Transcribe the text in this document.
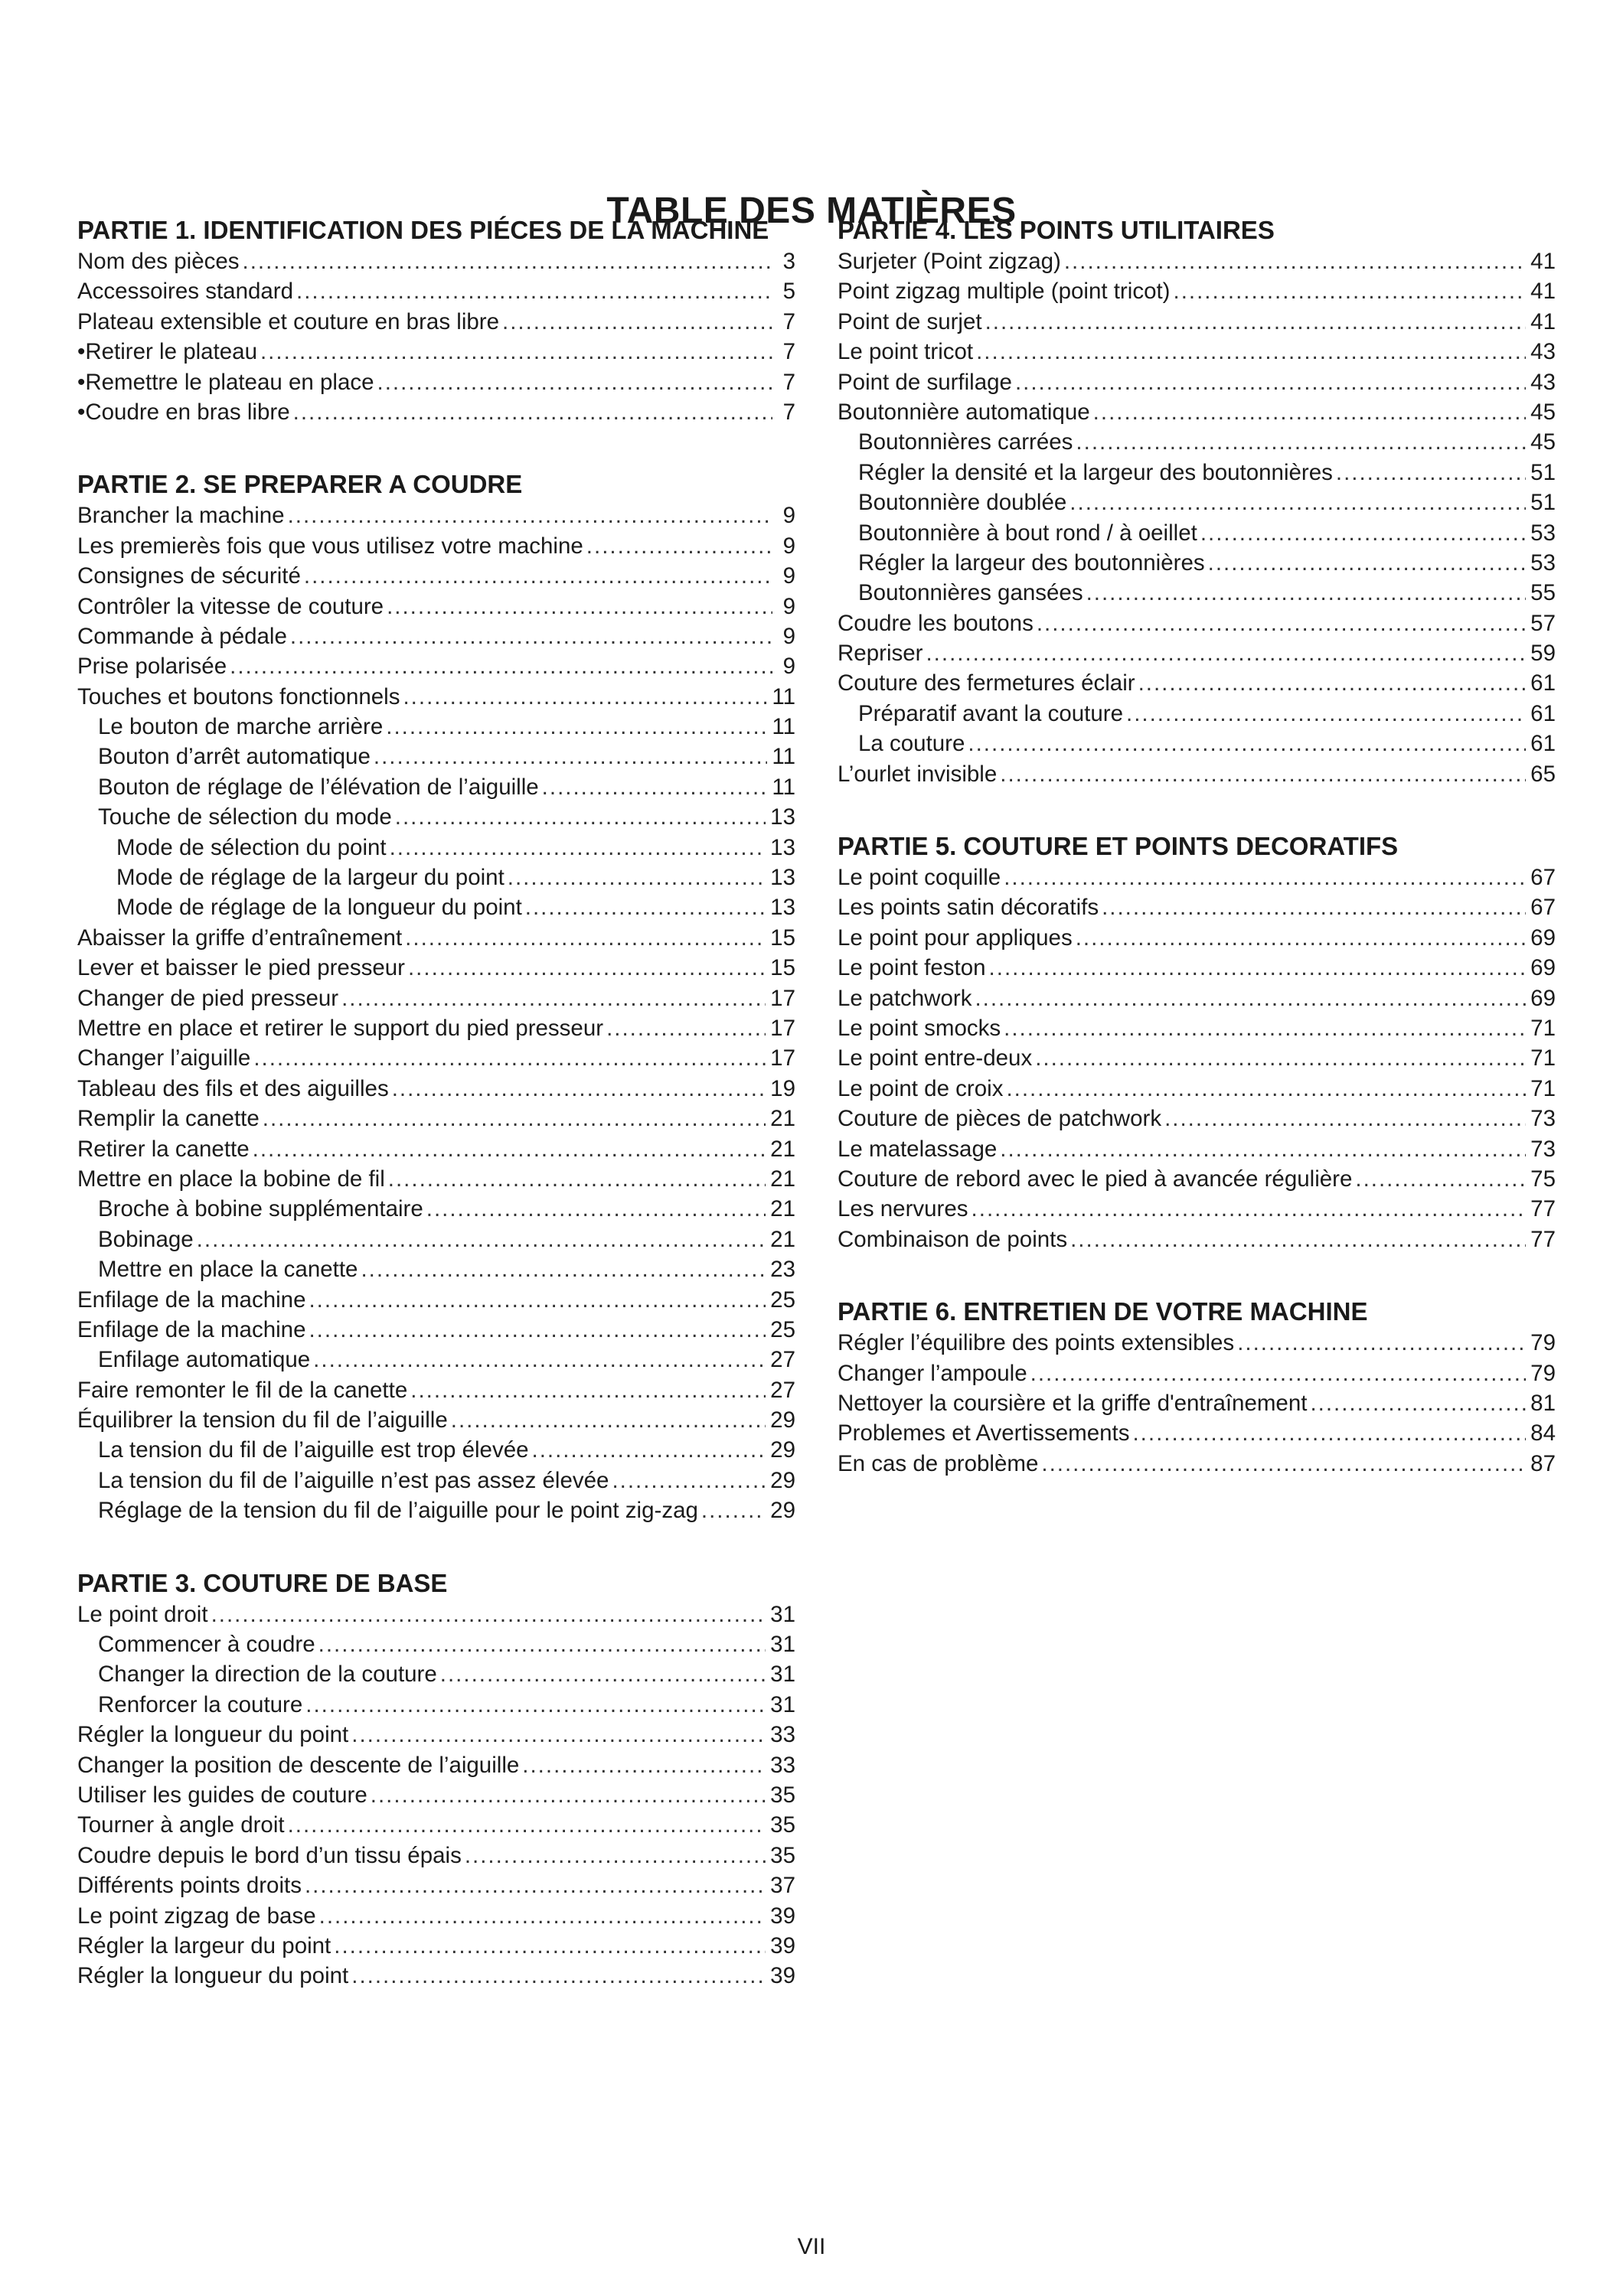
TABLE DES MATIÈRES
PARTIE 1. IDENTIFICATION DES PIÉCES DE LA MACHINE
Nom des pièces .....	3
Accessoires standard .....	5
Plateau extensible et couture en bras libre .....	7
• Retirer le plateau .....	7
• Remettre le plateau en place .....	7
• Coudre en bras libre .....	7
PARTIE 2. SE PREPARER A COUDRE
Brancher la machine .....	9
Les premierès fois que vous utilisez votre machine .....	9
Consignes de sécurité .....	9
Contrôler la vitesse de couture .....	9
Commande à pédale .....	9
Prise polarisée .....	9
Touches et boutons fonctionnels .....	11
Le bouton de marche arrière .....	11
Bouton d’arrêt automatique .....	11
Bouton de réglage de l’élévation de l’aiguille .....	11
Touche de sélection du mode .....	13
Mode de sélection du point .....	13
Mode de réglage de la largeur du point .....	13
Mode de réglage de la longueur du point .....	13
Abaisser la griffe d’entraînement .....	15
Lever et baisser le pied presseur .....	15
Changer de pied presseur .....	17
Mettre en place et retirer le support du pied presseur .....	17
Changer l’aiguille .....	17
Tableau des fils et des aiguilles .....	19
Remplir la canette .....	21
Retirer la canette .....	21
Mettre en place la bobine de fil .....	21
Broche à bobine supplémentaire .....	21
Bobinage .....	21
Mettre en place la canette .....	23
Enfilage de la machine .....	25
Enfilage de la machine .....	25
Enfilage automatique .....	27
Faire remonter le fil de la canette .....	27
Équilibrer la tension du fil de l’aiguille .....	29
La tension du fil de l’aiguille est trop élevée .....	29
La tension du fil de l’aiguille n’est pas assez élevée .....	29
Réglage de la tension du fil de l’aiguille pour le point zig-zag .....	29
PARTIE 3. COUTURE DE BASE
Le point droit .....	31
Commencer à coudre .....	31
Changer la direction de la couture .....	31
Renforcer la couture .....	31
Régler la longueur du point .....	33
Changer la position de descente de l’aiguille .....	33
Utiliser les guides de couture .....	35
Tourner à angle droit .....	35
Coudre depuis le bord d’un tissu épais .....	35
Différents points droits .....	37
Le point zigzag de base .....	39
Régler la largeur du point .....	39
Régler la longueur du point .....	39
PARTIE 4. LES POINTS UTILITAIRES
Surjeter (Point zigzag) .....	41
Point zigzag multiple (point tricot) .....	41
Point de surjet .....	41
Le point tricot .....	43
Point de surfilage .....	43
Boutonnière automatique .....	45
Boutonnières carrées .....	45
Régler la densité et la largeur des boutonnières .....	51
Boutonnière doublée .....	51
Boutonnière à bout rond / à oeillet .....	53
Régler la largeur des boutonnières .....	53
Boutonnières gansées .....	55
Coudre les boutons .....	57
Repriser .....	59
Couture des fermetures éclair .....	61
Préparatif avant la couture .....	61
La couture .....	61
L’ourlet invisible .....	65
PARTIE 5. COUTURE ET POINTS DECORATIFS
Le point coquille .....	67
Les points satin décoratifs .....	67
Le point pour appliques .....	69
Le point feston .....	69
Le patchwork .....	69
Le point smocks .....	71
Le point entre-deux .....	71
Le point de croix .....	71
Couture de pièces de patchwork .....	73
Le matelassage .....	73
Couture de rebord avec le pied à avancée régulière .....	75
Les nervures .....	77
Combinaison de points .....	77
PARTIE 6. ENTRETIEN DE VOTRE MACHINE
Régler l’équilibre des points extensibles .....	79
Changer l’ampoule .....	79
Nettoyer la coursière et la griffe d'entraînement .....	81
Problemes et Avertissements .....	84
En cas de problème .....	87
VII
